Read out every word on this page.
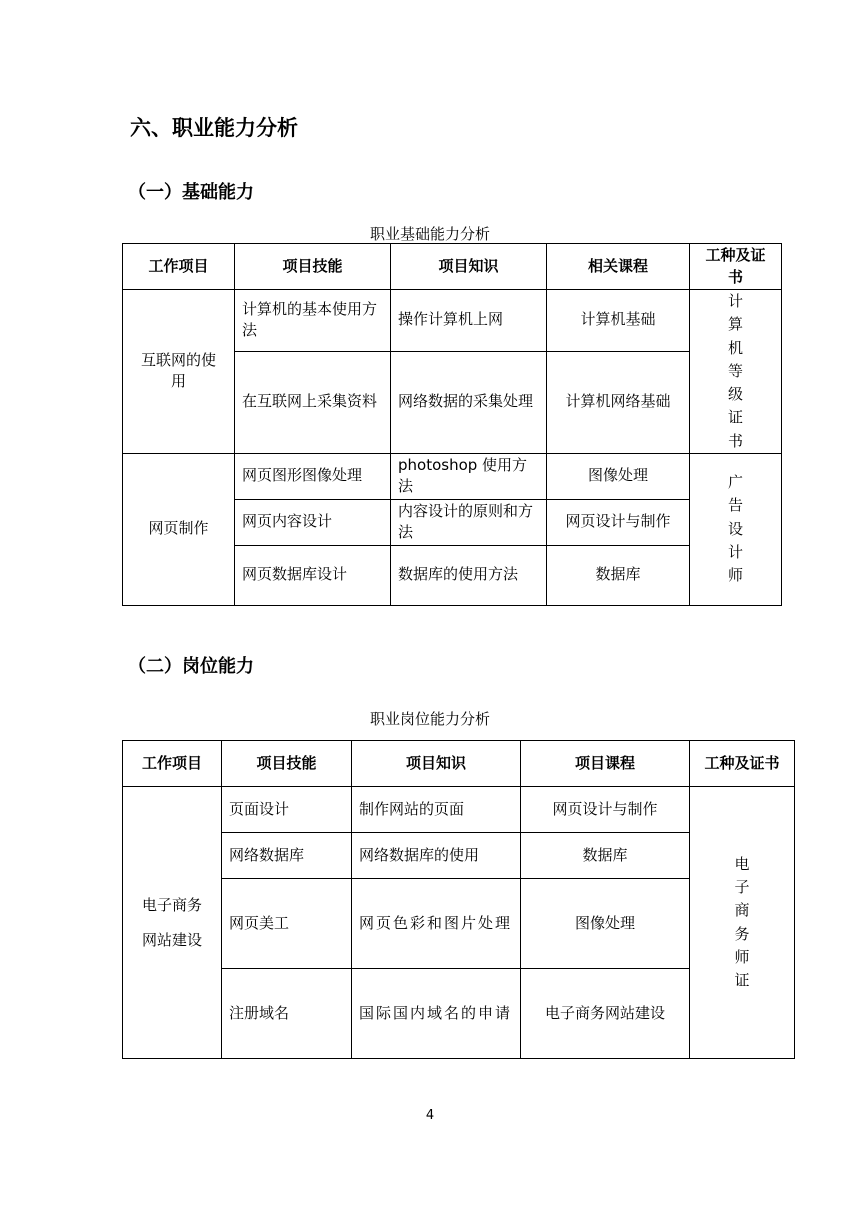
六、职业能力分析
（一）基础能力
职业基础能力分析
工作项目	项目技能	项目知识	相关课程	工种及证书
互联网的使用	计算机的基本使用方法	操作计算机上网	计算机基础	计算机等级证书

	在互联网上采集资料	网络数据的采集处理	计算机网络基础	
网页制作	网页图形图像处理	photoshop 使用方法	图像处理	广告设计师

	网页内容设计	内容设计的原则和方法	网页设计与制作	
	网页数据库设计	数据库的使用方法	数据库	
（二）岗位能力
职业岗位能力分析
工作项目	项目技能	项目知识	项目课程	工种及证书
电子商务网站建设	页面设计	制作网站的页面	网页设计与制作	电子商务师证

	网络数据库	网络数据库的使用	数据库	
	网页美工	网页色彩和图片处理	图像处理	
	注册域名	国际国内域名的申请	电子商务网站建设	
4
